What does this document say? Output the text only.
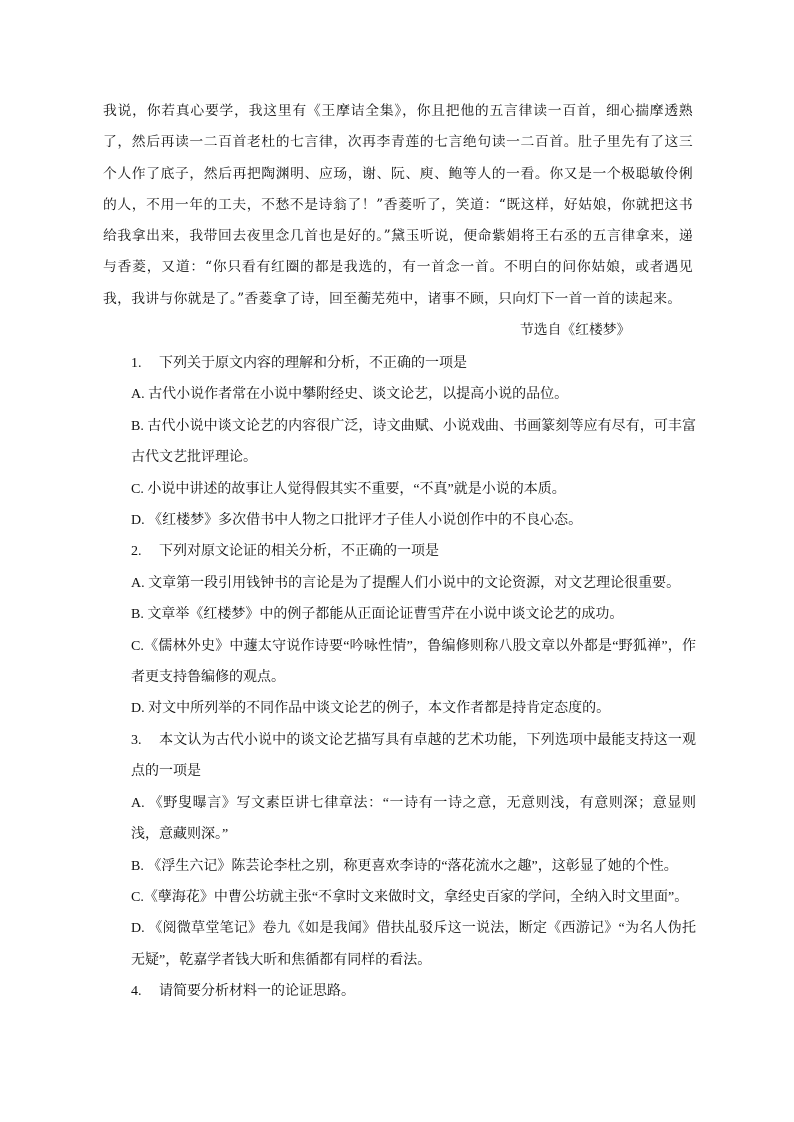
我说，你若真心要学，我这里有《王摩诘全集》，你且把他的五言律读一百首，细心揣摩透熟了，然后再读一二百首老杜的七言律，次再李青莲的七言绝句读一二百首。肚子里先有了这三个人作了底子，然后再把陶渊明、应玚，谢、阮、庾、鲍等人的一看。你又是一个极聪敏伶俐的人，不用一年的工夫，不愁不是诗翁了！”香菱听了，笑道：“既这样，好姑娘，你就把这书给我拿出来，我带回去夜里念几首也是好的。”黛玉听说，便命紫娟将王右丞的五言律拿来，递与香菱，又道：“你只看有红圈的都是我选的，有一首念一首。不明白的问你姑娘，或者遇见我，我讲与你就是了。”香菱拿了诗，回至蘅芜苑中，诸事不顾，只向灯下一首一首的读起来。

节选自《红楼梦》

1. 下列关于原文内容的理解和分析，不正确的一项是

A. 古代小说作者常在小说中攀附经史、谈文论艺，以提高小说的品位。

B. 古代小说中谈文论艺的内容很广泛，诗文曲赋、小说戏曲、书画篆刻等应有尽有，可丰富古代文艺批评理论。

C. 小说中讲述的故事让人觉得假其实不重要，“不真”就是小说的本质。

D. 《红楼梦》多次借书中人物之口批评才子佳人小说创作中的不良心态。

2. 下列对原文论证的相关分析，不正确的一项是

A. 文章第一段引用钱钟书的言论是为了提醒人们小说中的文论资源，对文艺理论很重要。

B. 文章举《红楼梦》中的例子都能从正面论证曹雪芹在小说中谈文论艺的成功。

C.《儒林外史》中蘧太守说作诗要“吟咏性情”，鲁编修则称八股文章以外都是“野狐禅”，作者更支持鲁编修的观点。

D. 对文中所列举的不同作品中谈文论艺的例子，本文作者都是持肯定态度的。

3. 本文认为古代小说中的谈文论艺描写具有卓越的艺术功能，下列选项中最能支持这一观点的一项是

A. 《野叟曝言》写文素臣讲七律章法：“一诗有一诗之意，无意则浅，有意则深；意显则浅，意藏则深。”

B. 《浮生六记》陈芸论李杜之别，称更喜欢李诗的“落花流水之趣”，这彰显了她的个性。

C.《孽海花》中曹公坊就主张“不拿时文来做时文，拿经史百家的学问，全纳入时文里面”。

D. 《阅微草堂笔记》卷九《如是我闻》借扶乩驳斥这一说法，断定《西游记》“为名人伪托无疑”，乾嘉学者钱大昕和焦循都有同样的看法。

4. 请简要分析材料一的论证思路。
